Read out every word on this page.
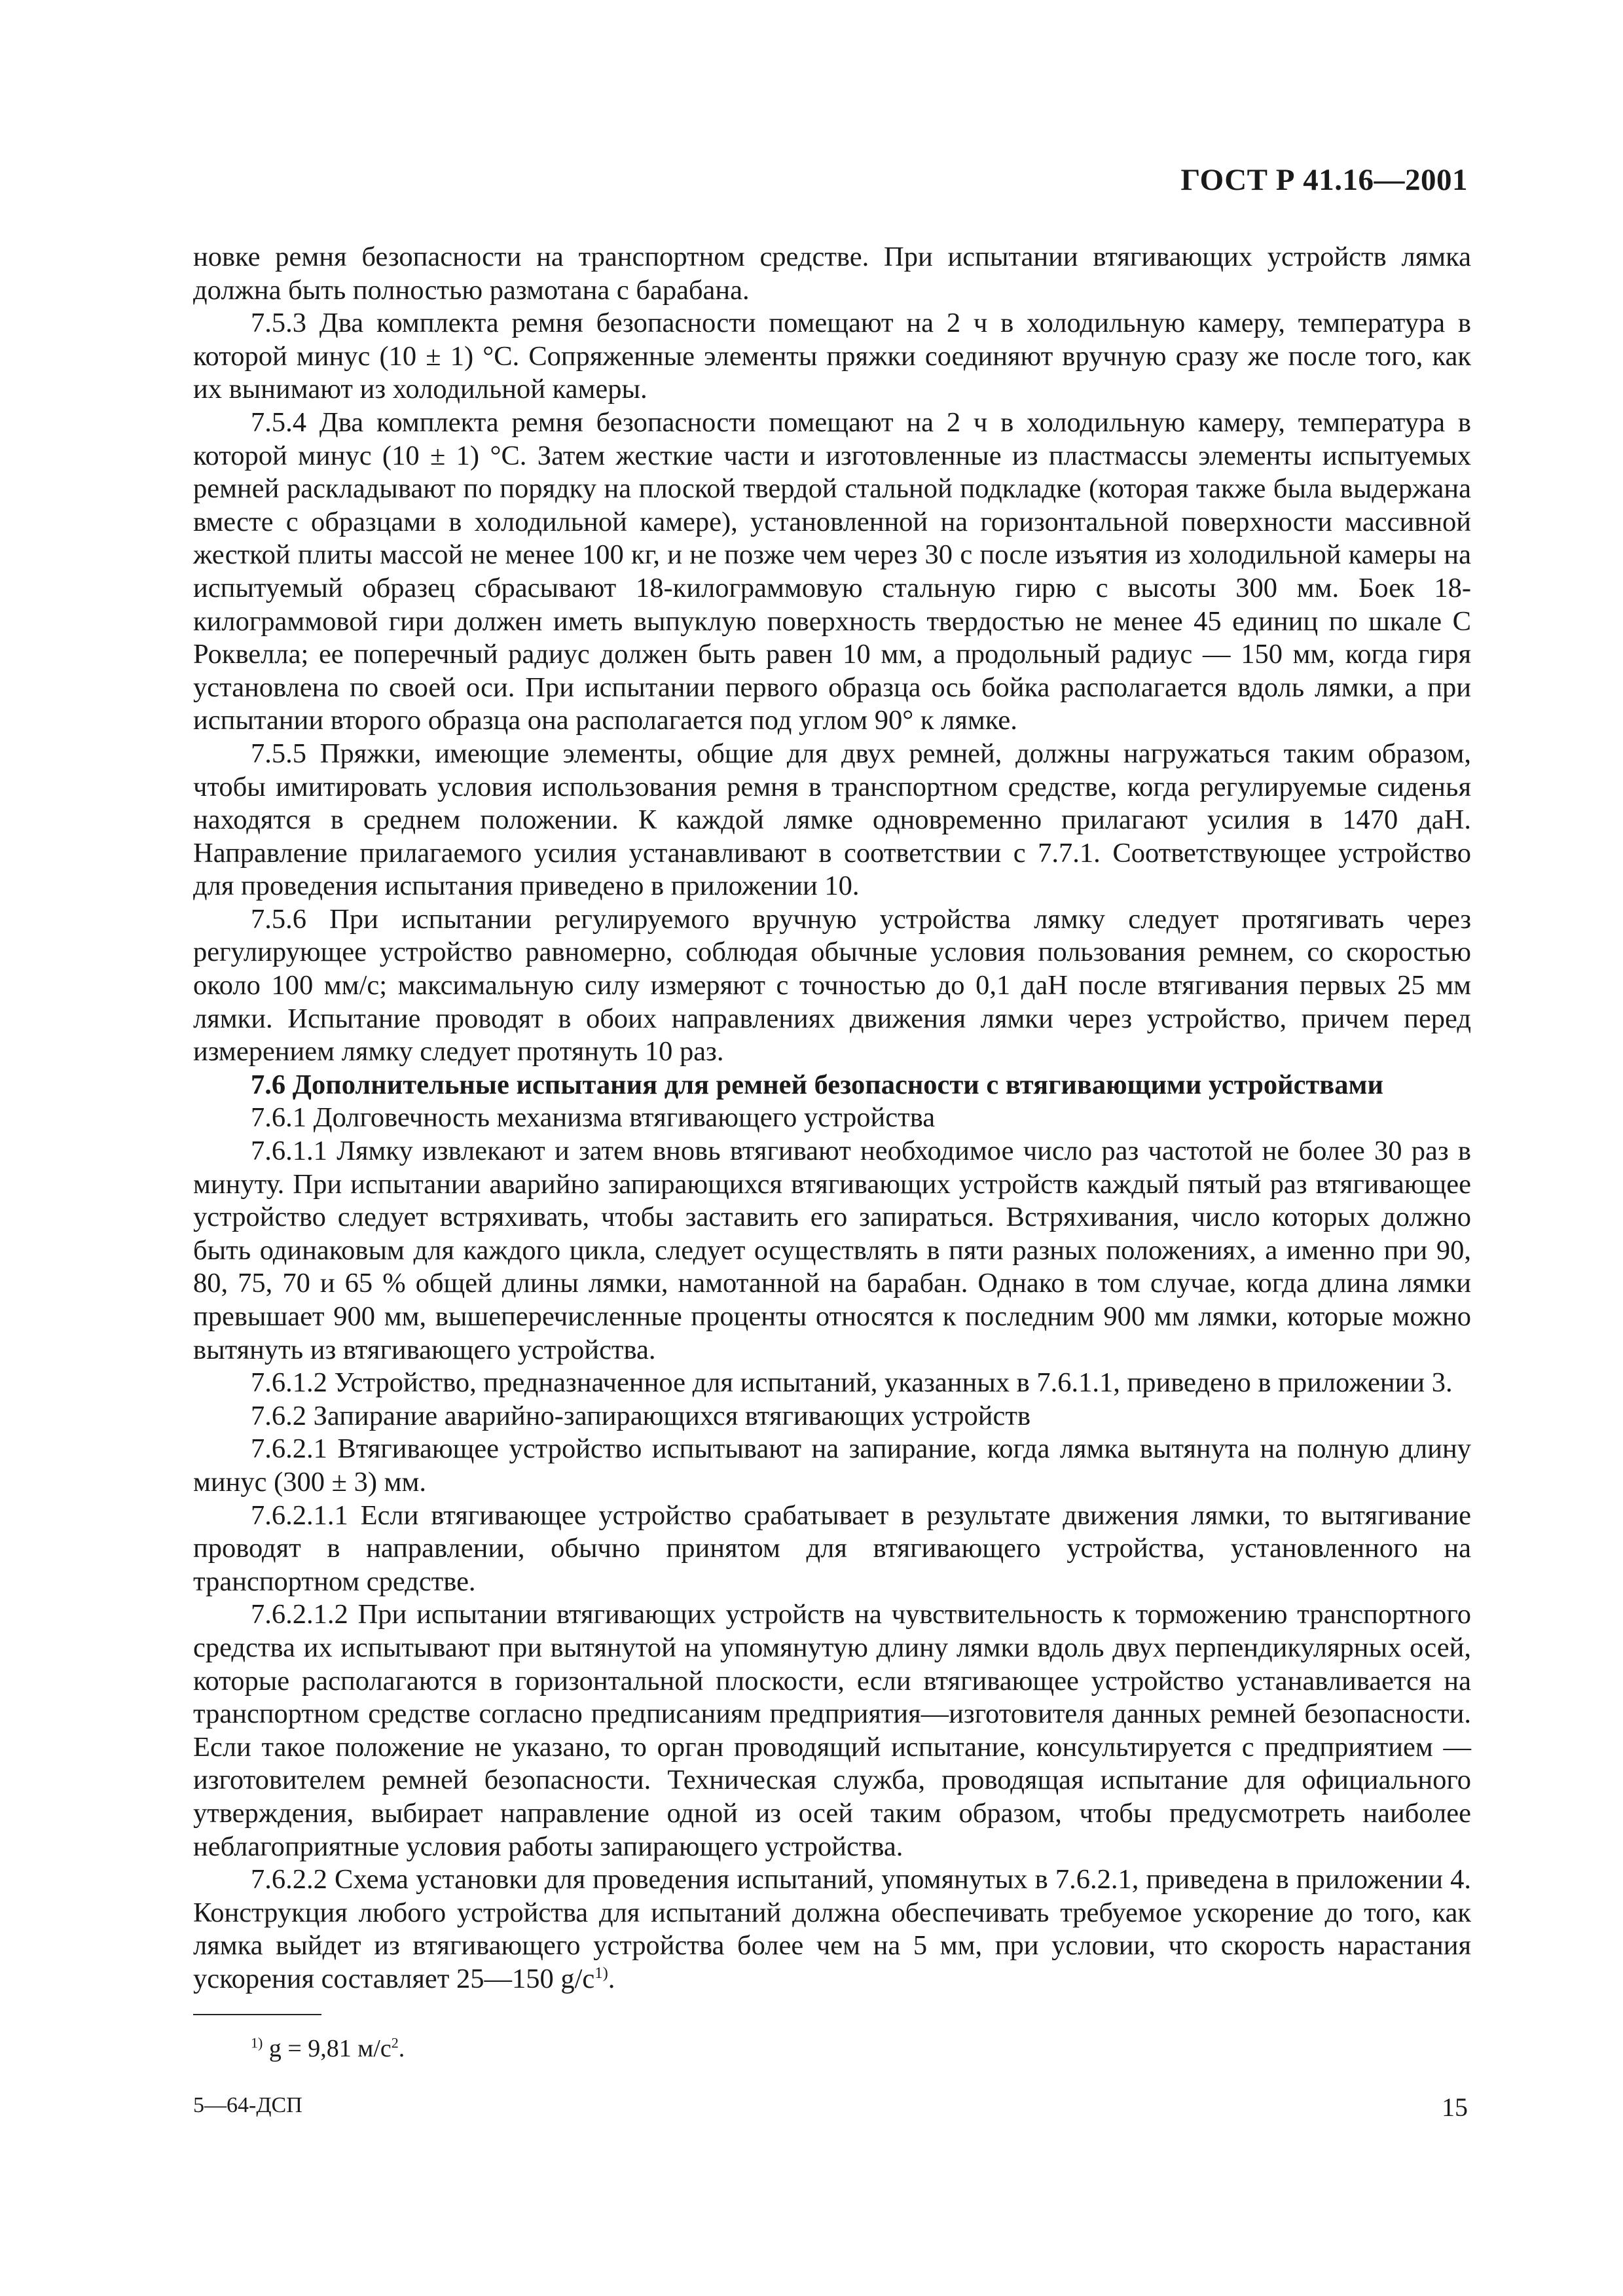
ГОСТ Р 41.16—2001

новке ремня безопасности на транспортном средстве. При испытании втягивающих устройств лямка должна быть полностью размотана с барабана.

7.5.3 Два комплекта ремня безопасности помещают на 2 ч в холодильную камеру, температура в которой минус (10 ± 1) °С. Сопряженные элементы пряжки соединяют вручную сразу же после того, как их вынимают из холодильной камеры.

7.5.4 Два комплекта ремня безопасности помещают на 2 ч в холодильную камеру, температура в которой минус (10 ± 1) °С. Затем жесткие части и изготовленные из пластмассы элементы испытуемых ремней раскладывают по порядку на плоской твердой стальной подкладке (которая также была выдержана вместе с образцами в холодильной камере), установленной на горизонтальной поверхности массивной жесткой плиты массой не менее 100 кг, и не позже чем через 30 с после изъятия из холодильной камеры на испытуемый образец сбрасывают 18-килограммовую стальную гирю с высоты 300 мм. Боек 18-килограммовой гири должен иметь выпуклую поверхность твердостью не менее 45 единиц по шкале С Роквелла; ее поперечный радиус должен быть равен 10 мм, а продольный радиус — 150 мм, когда гиря установлена по своей оси. При испытании первого образца ось бойка располагается вдоль лямки, а при испытании второго образца она располагается под углом 90° к лямке.

7.5.5 Пряжки, имеющие элементы, общие для двух ремней, должны нагружаться таким образом, чтобы имитировать условия использования ремня в транспортном средстве, когда регулируемые сиденья находятся в среднем положении. К каждой лямке одновременно прилагают усилия в 1470 даН. Направление прилагаемого усилия устанавливают в соответствии с 7.7.1. Соответствующее устройство для проведения испытания приведено в приложении 10.

7.5.6 При испытании регулируемого вручную устройства лямку следует протягивать через регулирующее устройство равномерно, соблюдая обычные условия пользования ремнем, со скоростью около 100 мм/с; максимальную силу измеряют с точностью до 0,1 даН после втягивания первых 25 мм лямки. Испытание проводят в обоих направлениях движения лямки через устройство, причем перед измерением лямку следует протянуть 10 раз.

7.6 Дополнительные испытания для ремней безопасности с втягивающими устройствами

7.6.1 Долговечность механизма втягивающего устройства

7.6.1.1 Лямку извлекают и затем вновь втягивают необходимое число раз частотой не более 30 раз в минуту. При испытании аварийно запирающихся втягивающих устройств каждый пятый раз втягивающее устройство следует встряхивать, чтобы заставить его запираться. Встряхивания, число которых должно быть одинаковым для каждого цикла, следует осуществлять в пяти разных положениях, а именно при 90, 80, 75, 70 и 65 % общей длины лямки, намотанной на барабан. Однако в том случае, когда длина лямки превышает 900 мм, вышеперечисленные проценты относятся к последним 900 мм лямки, которые можно вытянуть из втягивающего устройства.

7.6.1.2 Устройство, предназначенное для испытаний, указанных в 7.6.1.1, приведено в приложении 3.

7.6.2 Запирание аварийно-запирающихся втягивающих устройств

7.6.2.1 Втягивающее устройство испытывают на запирание, когда лямка вытянута на полную длину минус (300 ± 3) мм.

7.6.2.1.1 Если втягивающее устройство срабатывает в результате движения лямки, то вытягивание проводят в направлении, обычно принятом для втягивающего устройства, установленного на транспортном средстве.

7.6.2.1.2 При испытании втягивающих устройств на чувствительность к торможению транспортного средства их испытывают при вытянутой на упомянутую длину лямки вдоль двух перпендикулярных осей, которые располагаются в горизонтальной плоскости, если втягивающее устройство устанавливается на транспортном средстве согласно предписаниям предприятия—изготовителя данных ремней безопасности. Если такое положение не указано, то орган проводящий испытание, консультируется с предприятием — изготовителем ремней безопасности. Техническая служба, проводящая испытание для официального утверждения, выбирает направление одной из осей таким образом, чтобы предусмотреть наиболее неблагоприятные условия работы запирающего устройства.

7.6.2.2 Схема установки для проведения испытаний, упомянутых в 7.6.2.1, приведена в приложении 4. Конструкция любого устройства для испытаний должна обеспечивать требуемое ускорение до того, как лямка выйдет из втягивающего устройства более чем на 5 мм, при условии, что скорость нарастания ускорения составляет 25—150 $g/с^{1)}$.

$^{1)}$ g = 9,81 $м/с^2$.
5—64-ДСП	15
